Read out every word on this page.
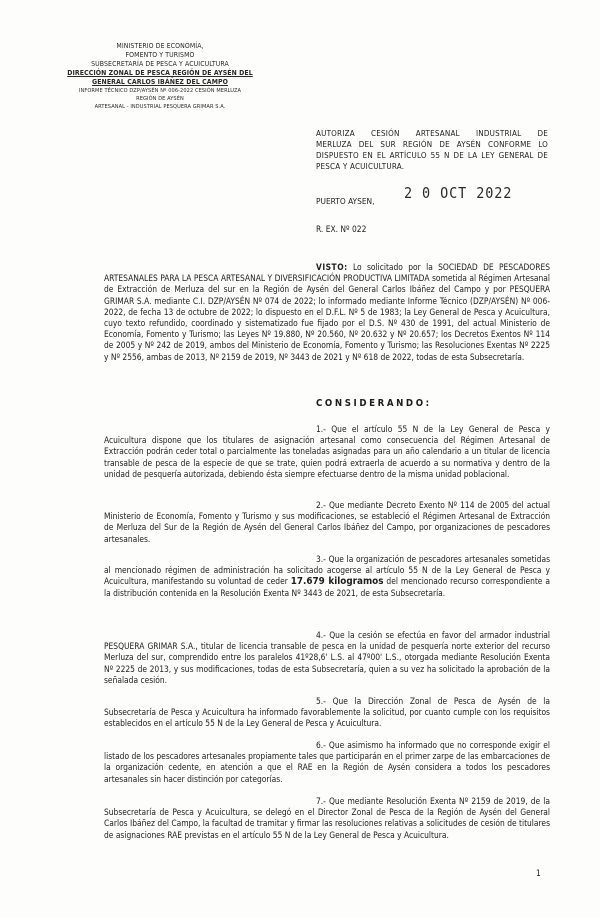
MINISTERIO DE ECONOMÍA,
FOMENTO Y TURISMO
SUBSECRETARÍA DE PESCA Y ACUICULTURA
DIRECCIÓN ZONAL DE PESCA REGIÓN DE AYSÉN DEL
GENERAL CARLOS IBÁÑEZ DEL CAMPO
INFORME TÉCNICO DZP/AYSÉN Nº 006-2022 CESIÓN MERLUZA
REGIÓN DE AYSÉN
ARTESANAL - INDUSTRIAL PESQUERA GRIMAR S.A.
AUTORIZA CESIÓN ARTESANAL INDUSTRIAL DE
MERLUZA DEL SUR REGIÓN DE AYSÉN CONFORME LO
DISPUESTO EN EL ARTÍCULO 55 N DE LA LEY GENERAL DE
PESCA Y ACUICULTURA.
PUERTO AYSEN, 2 0 OCT 2022
R. EX. Nº 022
VISTO: Lo solicitado por la SOCIEDAD DE PESCADORES ARTESANALES PARA LA PESCA ARTESANAL Y DIVERSIFICACIÓN PRODUCTIVA LIMITADA sometida al Régimen Artesanal de Extracción de Merluza del sur en la Región de Aysén del General Carlos Ibáñez del Campo y por PESQUERA GRIMAR S.A. mediante C.I. DZP/AYSÉN Nº 074 de 2022; lo informado mediante Informe Técnico (DZP/AYSÉN) Nº 006-2022, de fecha 13 de octubre de 2022; lo dispuesto en el D.F.L. Nº 5 de 1983; la Ley General de Pesca y Acuicultura, cuyo texto refundido, coordinado y sistematizado fue fijado por el D.S. Nº 430 de 1991, del actual Ministerio de Economía, Fomento y Turismo; las Leyes Nº 19.880, Nº 20.560, Nº 20.632 y Nº 20.657; los Decretos Exentos Nº 114 de 2005 y Nº 242 de 2019, ambos del Ministerio de Economía, Fomento y Turismo; las Resoluciones Exentas Nº 2225 y Nº 2556, ambas de 2013, Nº 2159 de 2019, Nº 3443 de 2021 y Nº 618 de 2022, todas de esta Subsecretaría.
CONSIDERANDO:
1.- Que el artículo 55 N de la Ley General de Pesca y Acuicultura dispone que los titulares de asignación artesanal como consecuencia del Régimen Artesanal de Extracción podrán ceder total o parcialmente las toneladas asignadas para un año calendario a un titular de licencia transable de pesca de la especie de que se trate, quien podrá extraerla de acuerdo a su normativa y dentro de la unidad de pesquería autorizada, debiendo ésta siempre efectuarse dentro de la misma unidad poblacional.
2.- Que mediante Decreto Exento Nº 114 de 2005 del actual Ministerio de Economía, Fomento y Turismo y sus modificaciones, se estableció el Régimen Artesanal de Extracción de Merluza del Sur de la Región de Aysén del General Carlos Ibáñez del Campo, por organizaciones de pescadores artesanales.
3.- Que la organización de pescadores artesanales sometidas al mencionado régimen de administración ha solicitado acogerse al artículo 55 N de la Ley General de Pesca y Acuicultura, manifestando su voluntad de ceder 17.679 kilogramos del mencionado recurso correspondiente a la distribución contenida en la Resolución Exenta Nº 3443 de 2021, de esta Subsecretaría.
4.- Que la cesión se efectúa en favor del armador industrial PESQUERA GRIMAR S.A., titular de licencia transable de pesca en la unidad de pesquería norte exterior del recurso Merluza del sur, comprendido entre los paralelos 41º28,6' L.S. al 47º00' L.S., otorgada mediante Resolución Exenta Nº 2225 de 2013, y sus modificaciones, todas de esta Subsecretaría, quien a su vez ha solicitado la aprobación de la señalada cesión.
5.- Que la Dirección Zonal de Pesca de Aysén de la Subsecretaría de Pesca y Acuicultura ha informado favorablemente la solicitud, por cuanto cumple con los requisitos establecidos en el artículo 55 N de la Ley General de Pesca y Acuicultura.
6.- Que asimismo ha informado que no corresponde exigir el listado de los pescadores artesanales propiamente tales que participarán en el primer zarpe de las embarcaciones de la organización cedente, en atención a que el RAE en la Región de Aysén considera a todos los pescadores artesanales sin hacer distinción por categorías.
7.- Que mediante Resolución Exenta Nº 2159 de 2019, de la Subsecretaría de Pesca y Acuicultura, se delegó en el Director Zonal de Pesca de la Región de Aysén del General Carlos Ibáñez del Campo, la facultad de tramitar y firmar las resoluciones relativas a solicitudes de cesión de titulares de asignaciones RAE previstas en el artículo 55 N de la Ley General de Pesca y Acuicultura.
1
